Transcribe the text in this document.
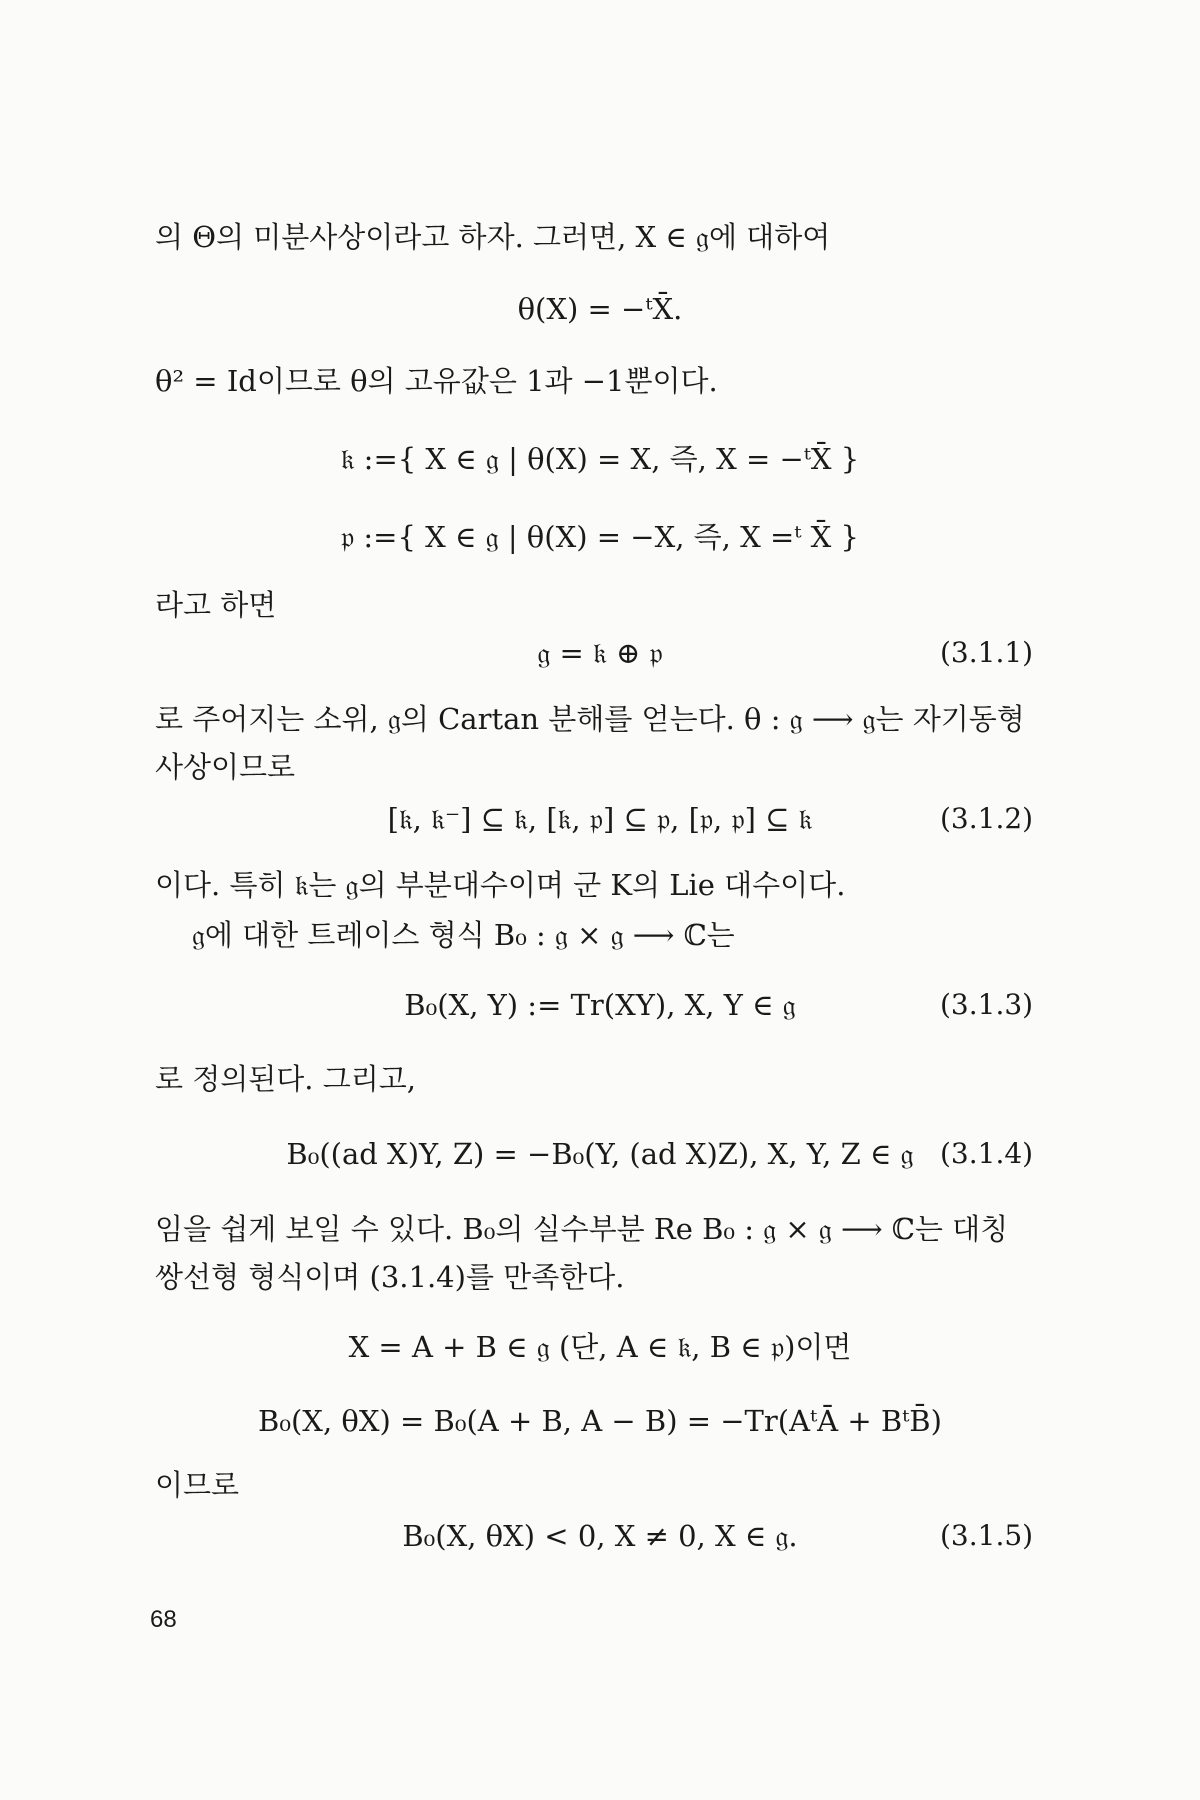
의 Θ의 미분사상이라고 하자. 그러면, X ∈ 𝔤에 대하여
θ(X) = −ᵗX̄.
θ² = Id이므로 θ의 고유값은 1과 −1뿐이다.
𝔨 :={ X ∈ 𝔤 | θ(X) = X, 즉, X = −ᵗX̄ }
𝔭 :={ X ∈ 𝔤 | θ(X) = −X, 즉, X =ᵗ X̄ }
라고 하면
𝔤 = 𝔨 ⊕ 𝔭	(3.1.1)
로 주어지는 소위, 𝔤의 Cartan 분해를 얻는다. θ : 𝔤 ⟶ 𝔤는 자기동형
사상이므로
[𝔨, 𝔨⁻] ⊆ 𝔨, [𝔨, 𝔭] ⊆ 𝔭, [𝔭, 𝔭] ⊆ 𝔨	(3.1.2)
이다. 특히 𝔨는 𝔤의 부분대수이며 군 K의 Lie 대수이다.
𝔤에 대한 트레이스 형식 B₀ : 𝔤 × 𝔤 ⟶ ℂ는
B₀(X, Y) := Tr(XY), X, Y ∈ 𝔤	(3.1.3)
로 정의된다. 그리고,
B₀((ad X)Y, Z) = −B₀(Y, (ad X)Z), X, Y, Z ∈ 𝔤 (3.1.4)
임을 쉽게 보일 수 있다. B₀의 실수부분 Re B₀ : 𝔤 × 𝔤 ⟶ ℂ는 대칭
쌍선형 형식이며 (3.1.4)를 만족한다.
X = A + B ∈ 𝔤 (단, A ∈ 𝔨, B ∈ 𝔭)이면
B₀(X, θX) = B₀(A + B, A − B) = −Tr(AᵗĀ + BᵗB̄)
이므로
B₀(X, θX) < 0, X ≠ 0, X ∈ 𝔤.	(3.1.5)
68
